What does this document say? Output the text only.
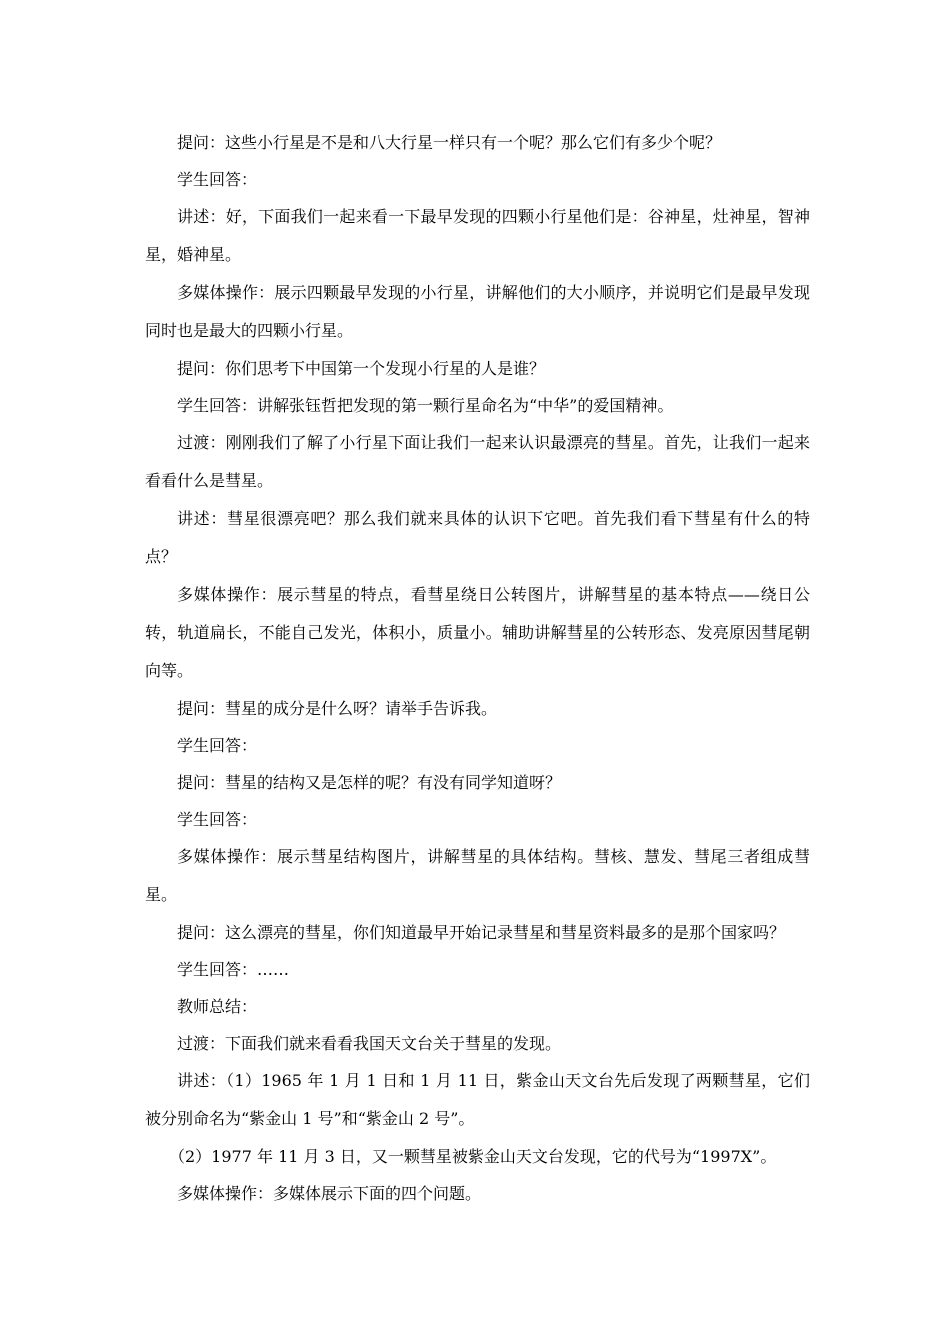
提问：这些小行星是不是和八大行星一样只有一个呢？那么它们有多少个呢？

学生回答：

讲述：好，下面我们一起来看一下最早发现的四颗小行星他们是：谷神星，灶神星，智神星，婚神星。

多媒体操作：展示四颗最早发现的小行星，讲解他们的大小顺序，并说明它们是最早发现同时也是最大的四颗小行星。

提问：你们思考下中国第一个发现小行星的人是谁？

学生回答：讲解张钰哲把发现的第一颗行星命名为“中华”的爱国精神。

过渡：刚刚我们了解了小行星下面让我们一起来认识最漂亮的彗星。首先，让我们一起来看看什么是彗星。

讲述：彗星很漂亮吧？那么我们就来具体的认识下它吧。首先我们看下彗星有什么的特点？

多媒体操作：展示彗星的特点，看彗星绕日公转图片，讲解彗星的基本特点——绕日公转，轨道扁长，不能自己发光，体积小，质量小。辅助讲解彗星的公转形态、发亮原因彗尾朝向等。

提问：彗星的成分是什么呀？请举手告诉我。

学生回答：

提问：彗星的结构又是怎样的呢？有没有同学知道呀？

学生回答：

多媒体操作：展示彗星结构图片，讲解彗星的具体结构。彗核、慧发、彗尾三者组成彗星。

提问：这么漂亮的彗星，你们知道最早开始记录彗星和彗星资料最多的是那个国家吗？

学生回答：……

教师总结：

过渡：下面我们就来看看我国天文台关于彗星的发现。

讲述：（1）1965 年 1 月 1 日和 1 月 11 日，紫金山天文台先后发现了两颗彗星，它们被分别命名为“紫金山 1 号”和“紫金山 2 号”。

（2）1977 年 11 月 3 日，又一颗彗星被紫金山天文台发现，它的代号为“1997X”。

多媒体操作：多媒体展示下面的四个问题。
